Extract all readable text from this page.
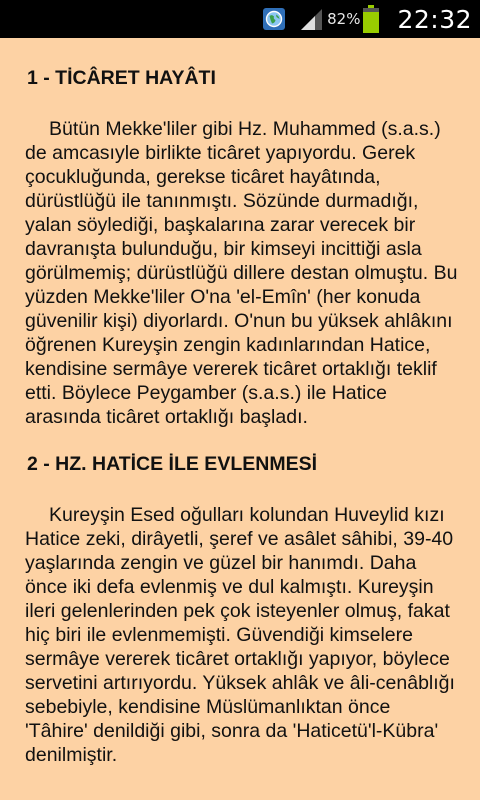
82% 22:32

1 - TİCÂRET HAYÂTI

Bütün Mekke'liler gibi Hz. Muhammed (s.a.s.) de amcasıyle birlikte ticâret yapıyordu. Gerek çocukluğunda, gerekse ticâret hayâtında, dürüstlüğü ile tanınmıştı. Sözünde durmadığı, yalan söylediği, başkalarına zarar verecek bir davranışta bulunduğu, bir kimseyi incittiği asla görülmemiş; dürüstlüğü dillere destan olmuştu. Bu yüzden Mekke'liler O'na 'el-Emîn' (her konuda güvenilir kişi) diyorlardı. O'nun bu yüksek ahlâkını öğrenen Kureyşin zengin kadınlarından Hatice, kendisine sermâye vererek ticâret ortaklığı teklif etti. Böylece Peygamber (s.a.s.) ile Hatice arasında ticâret ortaklığı başladı.

2 - HZ. HATİCE İLE EVLENMESİ

Kureyşin Esed oğulları kolundan Huveylid kızı Hatice zeki, dirâyetli, şeref ve asâlet sâhibi, 39-40 yaşlarında zengin ve güzel bir hanımdı. Daha önce iki defa evlenmiş ve dul kalmıştı. Kureyşin ileri gelenlerinden pek çok isteyenler olmuş, fakat hiç biri ile evlenmemişti. Güvendiği kimselere sermâye vererek ticâret ortaklığı yapıyor, böylece servetini artırıyordu. Yüksek ahlâk ve âli-cenâblığı sebebiyle, kendisine Müslümanlıktan önce 'Tâhire' denildiği gibi, sonra da 'Haticetü'l-Kübra' denilmiştir.
